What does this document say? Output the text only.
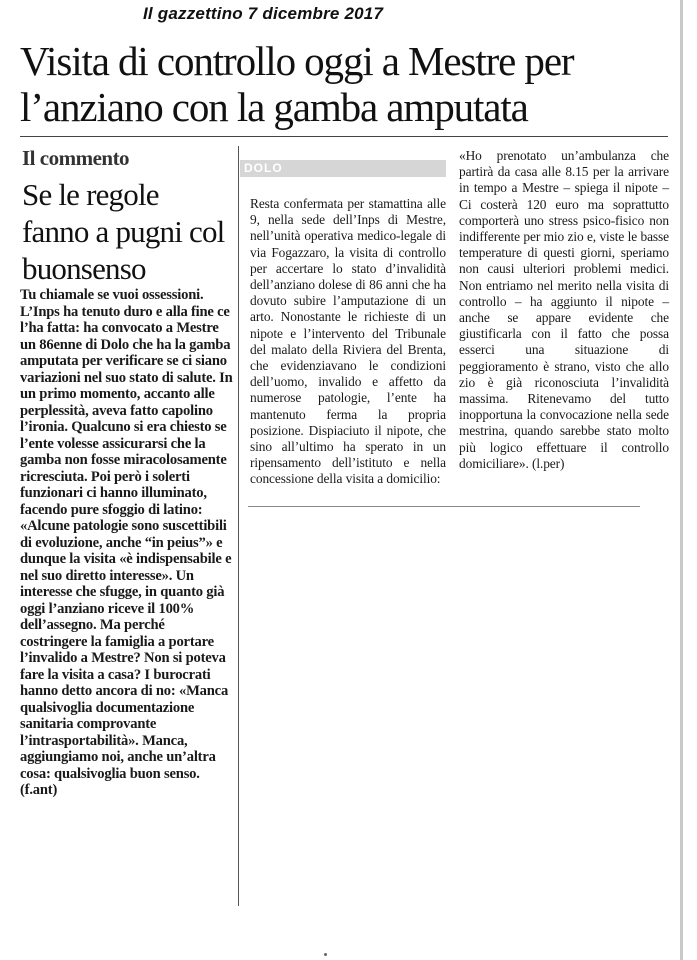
Il gazzettino 7 dicembre 2017
Visita di controllo oggi a Mestre per l’anziano con la gamba amputata
Il commento
Se le regole fanno a pugni col buonsenso

Tu chiamale se vuoi ossessioni. L’Inps ha tenuto duro e alla fine ce l’ha fatta: ha convocato a Mestre un 86enne di Dolo che ha la gamba amputata per verificare se ci siano variazioni nel suo stato di salute. In un primo momento, accanto alle perplessità, aveva fatto capolino l’ironia. Qualcuno si era chiesto se l’ente volesse assicurarsi che la gamba non fosse miracolosamente ricresciuta. Poi però i solerti funzionari ci hanno illuminato, facendo pure sfoggio di latino: «Alcune patologie sono suscettibili di evoluzione, anche “in peius”» e dunque la visita «è indispensabile e nel suo diretto interesse». Un interesse che sfugge, in quanto già oggi l’anziano riceve il 100% dell’assegno. Ma perché costringere la famiglia a portare l’invalido a Mestre? Non si poteva fare la visita a casa? I burocrati hanno detto ancora di no: «Manca qualsivoglia documentazione sanitaria comprovante l’intrasportabilità». Manca, aggiungiamo noi, anche un’altra cosa: qualsivoglia buon senso. (f.ant)

DOLO

Resta confermata per stamattina alle 9, nella sede dell’Inps di Mestre, nell’unità operativa medico-legale di via Fogazzaro, la visita di controllo per accertare lo stato d’invalidità dell’anziano dolese di 86 anni che ha dovuto subire l’amputazione di un arto. Nonostante le richieste di un nipote e l’intervento del Tribunale del malato della Riviera del Brenta, che evidenziavano le condizioni dell’uomo, invalido e affetto da numerose patologie, l’ente ha mantenuto ferma la propria posizione. Dispiaciuto il nipote, che sino all’ultimo ha sperato in un ripensamento dell’istituto e nella concessione della visita a domicilio:

«Ho prenotato un’ambulanza che partirà da casa alle 8.15 per la arrivare in tempo a Mestre – spiega il nipote – Ci costerà 120 euro ma soprattutto comporterà uno stress psico-fisico non indifferente per mio zio e, viste le basse temperature di questi giorni, speriamo non causi ulteriori problemi medici. Non entriamo nel merito nella visita di controllo – ha aggiunto il nipote – anche se appare evidente che giustificarla con il fatto che possa esserci una situazione di peggioramento è strano, visto che allo zio è già riconosciuta l’invalidità massima. Ritenevamo del tutto inopportuna la convocazione nella sede mestrina, quando sarebbe stato molto più logico effettuare il controllo domiciliare». (l.per)
